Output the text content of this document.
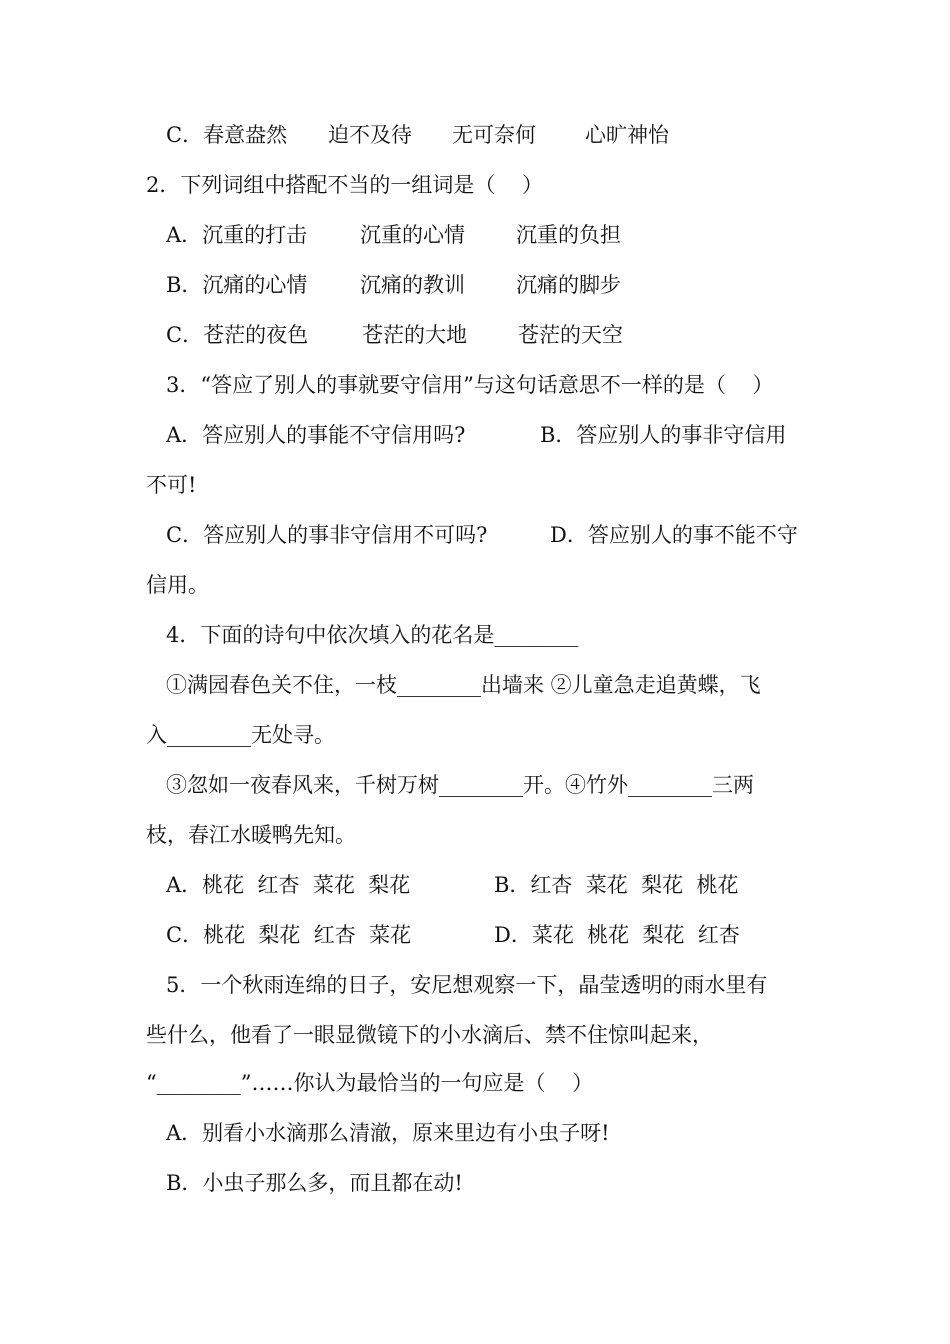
C．春意盎然

迫不及待

无可奈何

心旷神怡

2．下列词组中搭配不当的一组词是（    ）

A．沉重的打击

	沉重的心情

沉重的负担

B．沉痛的心情

	沉痛的教训

沉痛的脚步

C．苍茫的夜色

	苍茫的大地

苍茫的天空

3．“答应了别人的事就要守信用”与这句话意思不一样的是（    ）

A．答应别人的事能不守信用吗?

	B．答应别人的事非守信用

不可!

C．答应别人的事非守信用不可吗?

	D．答应别人的事不能不守

信用。

4．下面的诗句中依次填入的花名是________

①满园春色关不住，一枝________出墙来 ②儿童急走追黄蝶，飞

入________无处寻。

③忽如一夜春风来，千树万树________开。④竹外________三两

枝，春江水暖鸭先知。

A．桃花  红杏  菜花  梨花

	B．红杏  菜花  梨花  桃花

C．桃花  梨花  红杏  菜花

	D．菜花  桃花  梨花  红杏

5．一个秋雨连绵的日子，安尼想观察一下，晶莹透明的雨水里有

些什么，他看了一眼显微镜下的小水滴后、禁不住惊叫起来，

“________”……你认为最恰当的一句应是（    ）

A．别看小水滴那么清澈，原来里边有小虫子呀!

B．小虫子那么多，而且都在动!
